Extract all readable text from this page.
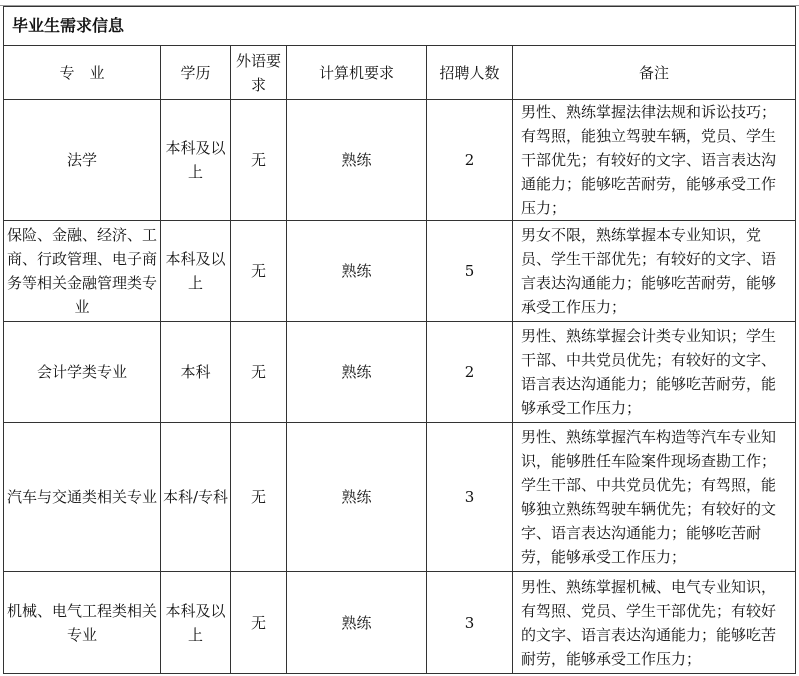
毕业生需求信息					
专　业	学历	外语要求	计算机要求	招聘人数	备注
法学	本科及以上	无	熟练	2	男性、熟练掌握法律法规和诉讼技巧；有驾照，能独立驾驶车辆，党员、学生干部优先；有较好的文字、语言表达沟通能力；能够吃苦耐劳，能够承受工作压力；
保险、金融、经济、工商、行政管理、电子商务等相关金融管理类专业	本科及以上	无	熟练	5	男女不限，熟练掌握本专业知识，党员、学生干部优先；有较好的文字、语言表达沟通能力；能够吃苦耐劳，能够承受工作压力；
会计学类专业	本科	无	熟练	2	男性、熟练掌握会计类专业知识；学生干部、中共党员优先；有较好的文字、语言表达沟通能力；能够吃苦耐劳，能够承受工作压力；
汽车与交通类相关专业	本科/专科	无	熟练	3	男性、熟练掌握汽车构造等汽车专业知识，能够胜任车险案件现场查勘工作；学生干部、中共党员优先；有驾照，能够独立熟练驾驶车辆优先；有较好的文字、语言表达沟通能力；能够吃苦耐劳，能够承受工作压力；
机械、电气工程类相关专业	本科及以上	无	熟练	3	男性、熟练掌握机械、电气专业知识，有驾照、党员、学生干部优先；有较好的文字、语言表达沟通能力；能够吃苦耐劳，能够承受工作压力；
